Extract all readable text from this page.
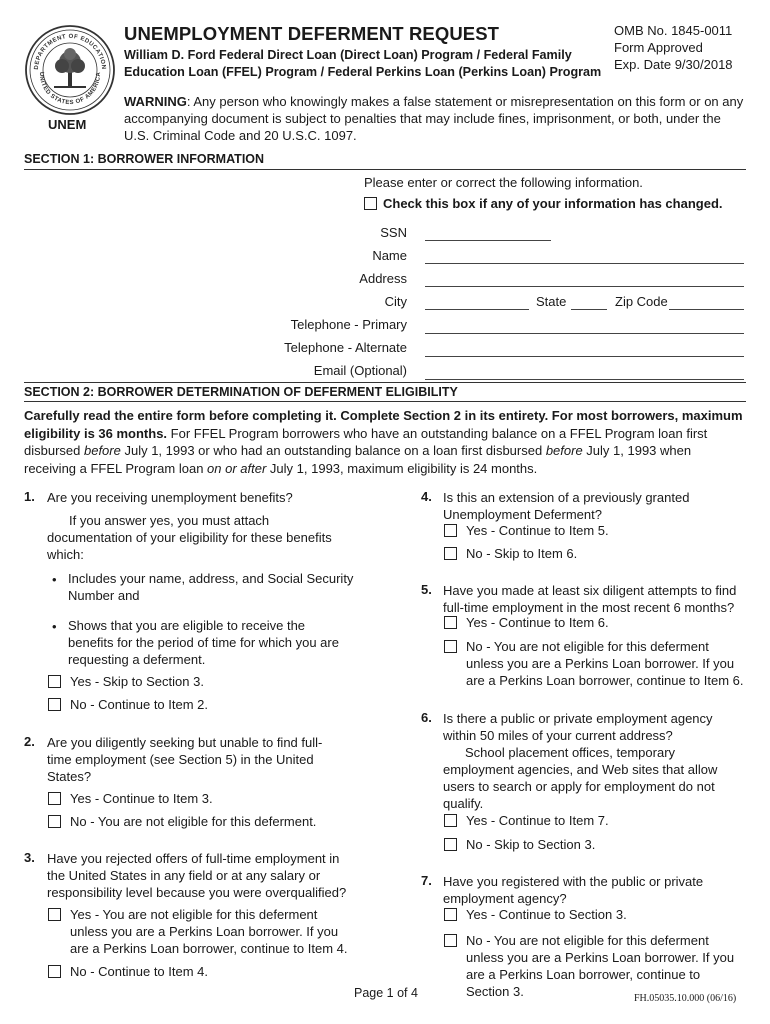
DEPARTMENT OF EDUCATION
UNITED STATES OF AMERICA
UNEM
UNEMPLOYMENT DEFERMENT REQUEST
William D. Ford Federal Direct Loan (Direct Loan) Program / Federal Family Education Loan (FFEL) Program / Federal Perkins Loan (Perkins Loan) Program
OMB No. 1845-0011
Form Approved
Exp. Date 9/30/2018
WARNING: Any person who knowingly makes a false statement or misrepresentation on this form or on any accompanying document is subject to penalties that may include fines, imprisonment, or both, under the U.S. Criminal Code and 20 U.S.C. 1097.
SECTION 1: BORROWER INFORMATION
Please enter or correct the following information.
Check this box if any of your information has changed.
SSN
Name
Address
City	State	Zip Code
Telephone - Primary
Telephone - Alternate
Email (Optional)
SECTION 2: BORROWER DETERMINATION OF DEFERMENT ELIGIBILITY
Carefully read the entire form before completing it. Complete Section 2 in its entirety. For most borrowers, maximum eligibility is 36 months. For FFEL Program borrowers who have an outstanding balance on a FFEL Program loan first disbursed before July 1, 1993 or who had an outstanding balance on a loan first disbursed before July 1, 1993 when receiving a FFEL Program loan on or after July 1, 1993, maximum eligibility is 24 months.
1. Are you receiving unemployment benefits?
If you answer yes, you must attach documentation of your eligibility for these benefits which:
• Includes your name, address, and Social Security Number and
• Shows that you are eligible to receive the benefits for the period of time for which you are requesting a deferment.
Yes - Skip to Section 3.
No - Continue to Item 2.
2. Are you diligently seeking but unable to find full-time employment (see Section 5) in the United States?
Yes - Continue to Item 3.
No - You are not eligible for this deferment.
3. Have you rejected offers of full-time employment in the United States in any field or at any salary or responsibility level because you were overqualified?
Yes - You are not eligible for this deferment unless you are a Perkins Loan borrower. If you are a Perkins Loan borrower, continue to Item 4.
No - Continue to Item 4.
4. Is this an extension of a previously granted Unemployment Deferment?
Yes - Continue to Item 5.
No - Skip to Item 6.
5. Have you made at least six diligent attempts to find full-time employment in the most recent 6 months?
Yes - Continue to Item 6.
No - You are not eligible for this deferment unless you are a Perkins Loan borrower. If you are a Perkins Loan borrower, continue to Item 6.
6. Is there a public or private employment agency within 50 miles of your current address?
School placement offices, temporary employment agencies, and Web sites that allow users to search or apply for employment do not qualify.
Yes - Continue to Item 7.
No - Skip to Section 3.
7. Have you registered with the public or private employment agency?
Yes - Continue to Section 3.
No - You are not eligible for this deferment unless you are a Perkins Loan borrower. If you are a Perkins Loan borrower, continue to Section 3.
Page 1 of 4	FH.05035.10.000 (06/16)
